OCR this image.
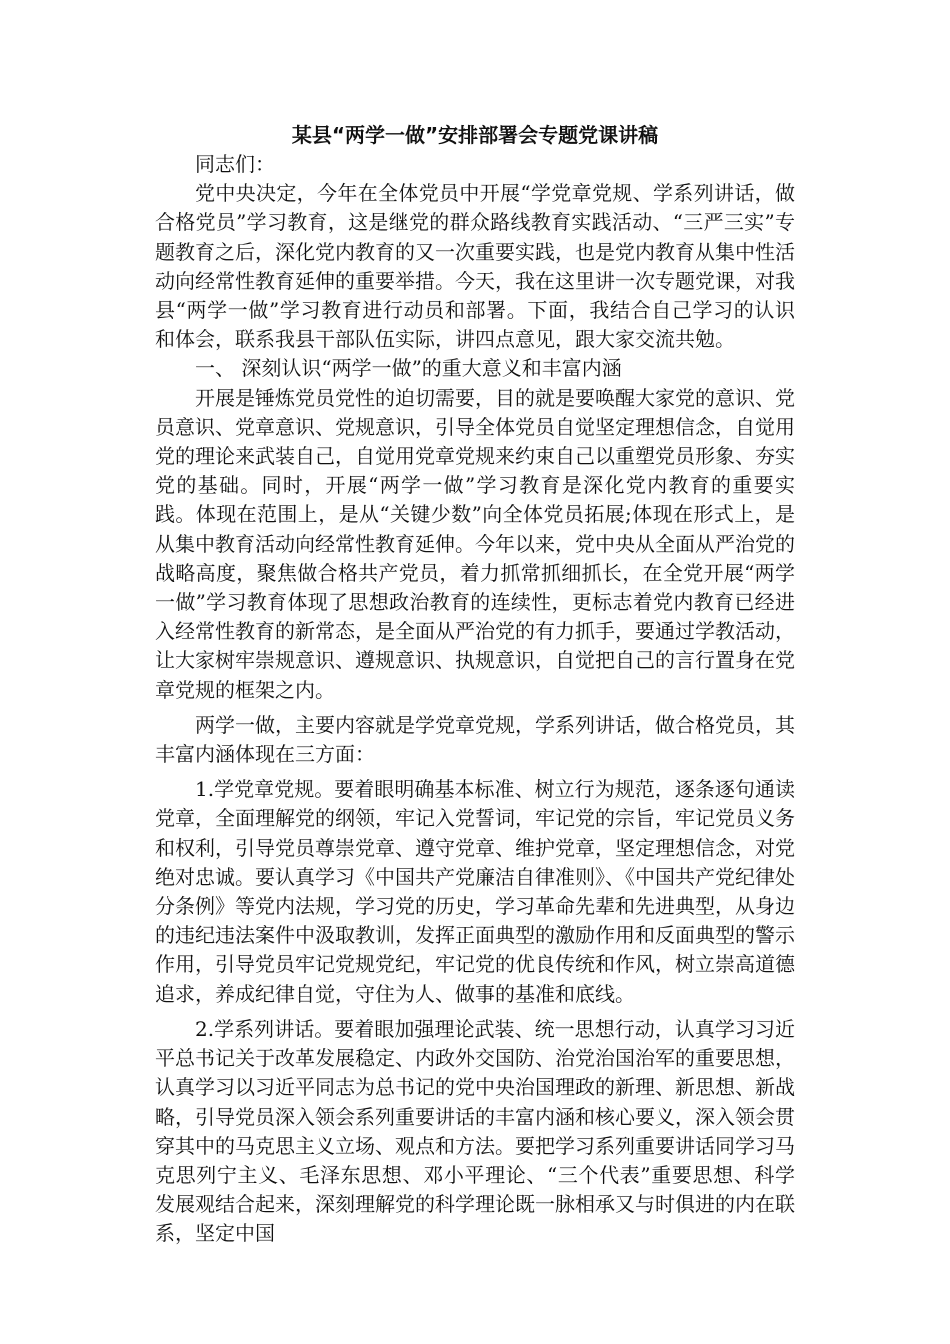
某县“两学一做”安排部署会专题党课讲稿

同志们：

党中央决定，今年在全体党员中开展“学党章党规、学系列讲话，做合格党员”学习教育，这是继党的群众路线教育实践活动、“三严三实”专题教育之后，深化党内教育的又一次重要实践，也是党内教育从集中性活动向经常性教育延伸的重要举措。今天，我在这里讲一次专题党课，对我县“两学一做”学习教育进行动员和部署。下面，我结合自己学习的认识和体会，联系我县干部队伍实际，讲四点意见，跟大家交流共勉。

一、 深刻认识“两学一做”的重大意义和丰富内涵

开展是锤炼党员党性的迫切需要，目的就是要唤醒大家党的意识、党员意识、党章意识、党规意识，引导全体党员自觉坚定理想信念，自觉用党的理论来武装自己，自觉用党章党规来约束自己以重塑党员形象、夯实党的基础。同时，开展“两学一做”学习教育是深化党内教育的重要实践。体现在范围上，是从“关键少数”向全体党员拓展;体现在形式上，是从集中教育活动向经常性教育延伸。今年以来，党中央从全面从严治党的战略高度，聚焦做合格共产党员，着力抓常抓细抓长，在全党开展“两学一做”学习教育体现了思想政治教育的连续性，更标志着党内教育已经进入经常性教育的新常态，是全面从严治党的有力抓手，要通过学教活动，让大家树牢崇规意识、遵规意识、执规意识，自觉把自己的言行置身在党章党规的框架之内。

两学一做，主要内容就是学党章党规，学系列讲话，做合格党员，其丰富内涵体现在三方面：

1.学党章党规。要着眼明确基本标准、树立行为规范，逐条逐句通读党章，全面理解党的纲领，牢记入党誓词，牢记党的宗旨，牢记党员义务和权利，引导党员尊崇党章、遵守党章、维护党章，坚定理想信念，对党绝对忠诚。要认真学习《中国共产党廉洁自律准则》、《中国共产党纪律处分条例》等党内法规，学习党的历史，学习革命先辈和先进典型，从身边的违纪违法案件中汲取教训，发挥正面典型的激励作用和反面典型的警示作用，引导党员牢记党规党纪，牢记党的优良传统和作风，树立崇高道德追求，养成纪律自觉，守住为人、做事的基准和底线。

2.学系列讲话。要着眼加强理论武装、统一思想行动，认真学习习近平总书记关于改革发展稳定、内政外交国防、治党治国治军的重要思想，认真学习以习近平同志为总书记的党中央治国理政的新理、新思想、新战略，引导党员深入领会系列重要讲话的丰富内涵和核心要义，深入领会贯穿其中的马克思主义立场、观点和方法。要把学习系列重要讲话同学习马克思列宁主义、毛泽东思想、邓小平理论、“三个代表”重要思想、科学发展观结合起来，深刻理解党的科学理论既一脉相承又与时俱进的内在联系，坚定中国
